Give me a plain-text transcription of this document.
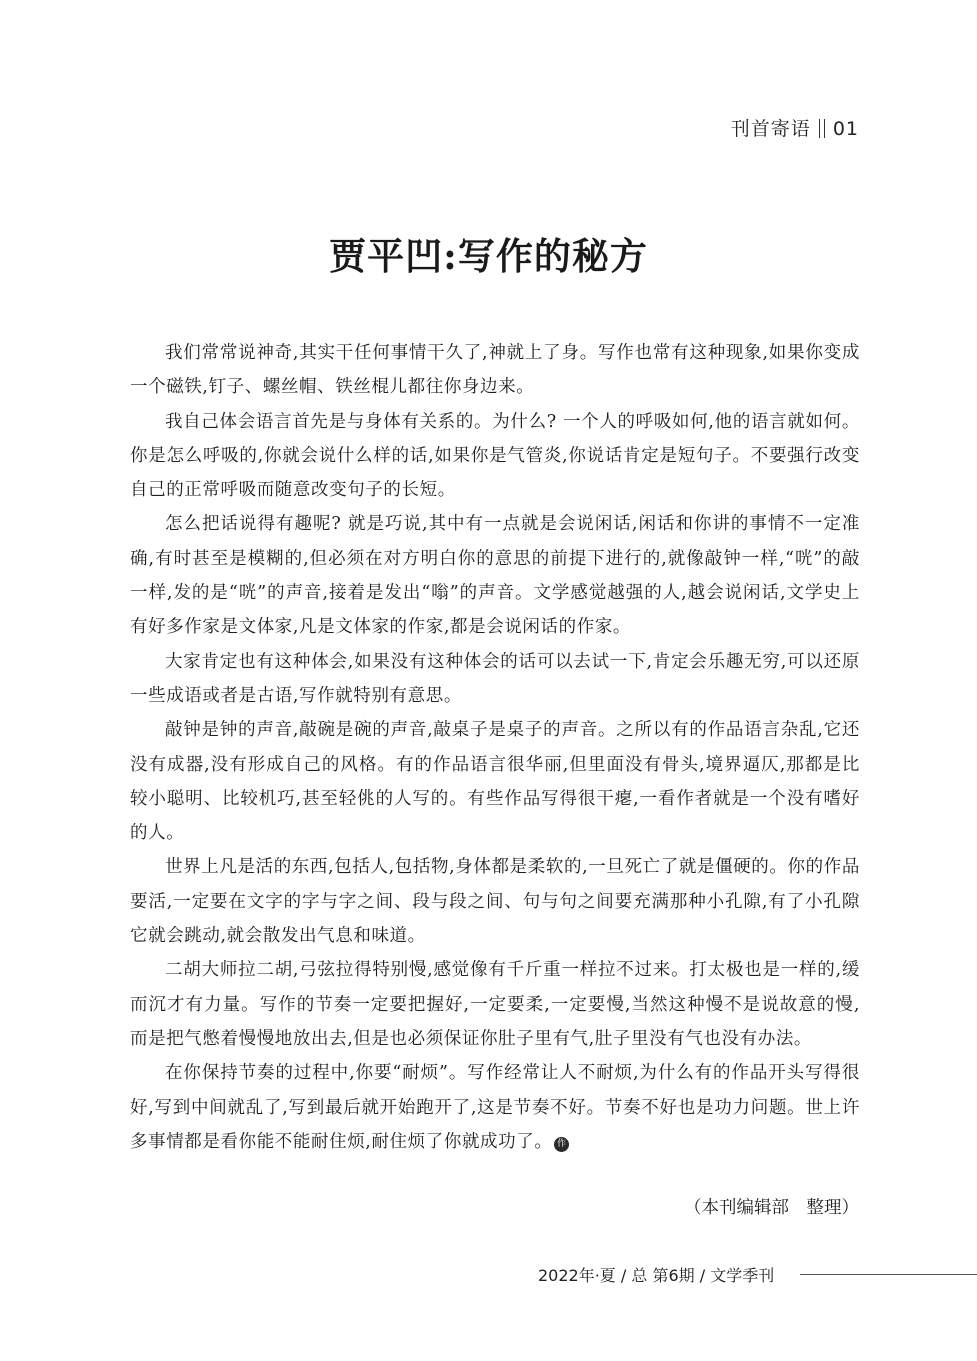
刊首寄语 01
贾平凹:写作的秘方

我们常常说神奇,其实干任何事情干久了,神就上了身。写作也常有这种现象,如果你变成一个磁铁,钉子、螺丝帽、铁丝棍儿都往你身边来。

我自己体会语言首先是与身体有关系的。为什么? 一个人的呼吸如何,他的语言就如何。你是怎么呼吸的,你就会说什么样的话,如果你是气管炎,你说话肯定是短句子。不要强行改变自己的正常呼吸而随意改变句子的长短。

怎么把话说得有趣呢? 就是巧说,其中有一点就是会说闲话,闲话和你讲的事情不一定准确,有时甚至是模糊的,但必须在对方明白你的意思的前提下进行的,就像敲钟一样,“咣”的敲一样,发的是“咣”的声音,接着是发出“嗡”的声音。文学感觉越强的人,越会说闲话,文学史上有好多作家是文体家,凡是文体家的作家,都是会说闲话的作家。

大家肯定也有这种体会,如果没有这种体会的话可以去试一下,肯定会乐趣无穷,可以还原一些成语或者是古语,写作就特别有意思。

敲钟是钟的声音,敲碗是碗的声音,敲桌子是桌子的声音。之所以有的作品语言杂乱,它还没有成器,没有形成自己的风格。有的作品语言很华丽,但里面没有骨头,境界逼仄,那都是比较小聪明、比较机巧,甚至轻佻的人写的。有些作品写得很干瘪,一看作者就是一个没有嗜好的人。

世界上凡是活的东西,包括人,包括物,身体都是柔软的,一旦死亡了就是僵硬的。你的作品要活,一定要在文字的字与字之间、段与段之间、句与句之间要充满那种小孔隙,有了小孔隙它就会跳动,就会散发出气息和味道。

二胡大师拉二胡,弓弦拉得特别慢,感觉像有千斤重一样拉不过来。打太极也是一样的,缓而沉才有力量。写作的节奏一定要把握好,一定要柔,一定要慢,当然这种慢不是说故意的慢,而是把气憋着慢慢地放出去,但是也必须保证你肚子里有气,肚子里没有气也没有办法。

在你保持节奏的过程中,你要“耐烦”。写作经常让人不耐烦,为什么有的作品开头写得很好,写到中间就乱了,写到最后就开始跑开了,这是节奏不好。节奏不好也是功力问题。世上许多事情都是看你能不能耐住烦,耐住烦了你就成功了。 作

（本刊编辑部　整理）
2022年·夏 / 总 第6期 / 文学季刊
